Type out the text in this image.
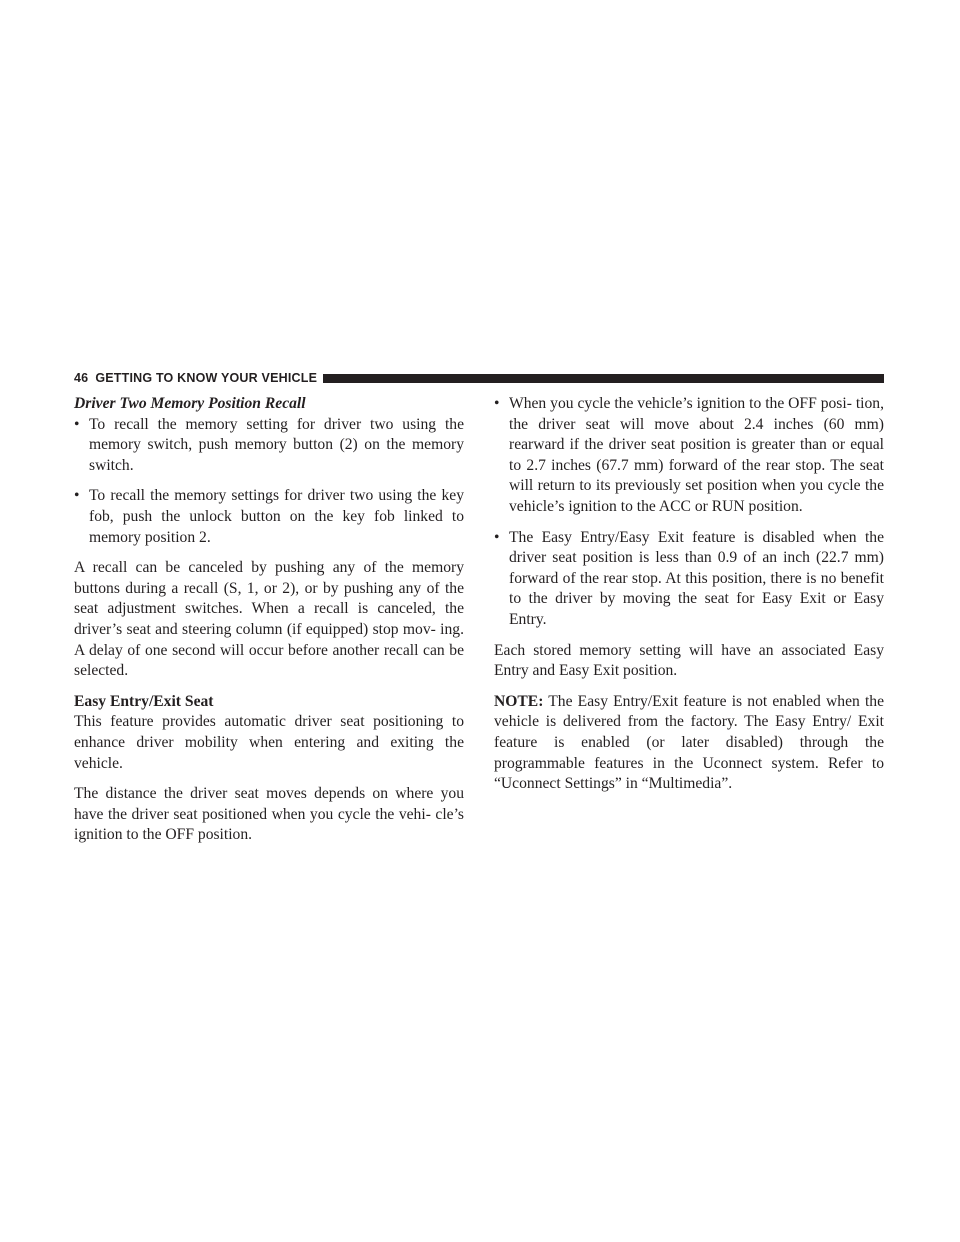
46 GETTING TO KNOW YOUR VEHICLE

Driver Two Memory Position Recall

• To recall the memory setting for driver two using the memory switch, push memory button (2) on the memory switch.
• To recall the memory settings for driver two using the key fob, push the unlock button on the key fob linked to memory position 2.

A recall can be canceled by pushing any of the memory buttons during a recall (S, 1, or 2), or by pushing any of the seat adjustment switches. When a recall is canceled, the driver’s seat and steering column (if equipped) stop mov- ing. A delay of one second will occur before another recall can be selected.

Easy Entry/Exit Seat

This feature provides automatic driver seat positioning to enhance driver mobility when entering and exiting the vehicle.

The distance the driver seat moves depends on where you have the driver seat positioned when you cycle the vehi- cle’s ignition to the OFF position.

• When you cycle the vehicle’s ignition to the OFF posi- tion, the driver seat will move about 2.4 inches (60 mm) rearward if the driver seat position is greater than or equal to 2.7 inches (67.7 mm) forward of the rear stop. The seat will return to its previously set position when you cycle the vehicle’s ignition to the ACC or RUN position.
• The Easy Entry/Easy Exit feature is disabled when the driver seat position is less than 0.9 of an inch (22.7 mm) forward of the rear stop. At this position, there is no benefit to the driver by moving the seat for Easy Exit or Easy Entry.

Each stored memory setting will have an associated Easy Entry and Easy Exit position.

NOTE: The Easy Entry/Exit feature is not enabled when the vehicle is delivered from the factory. The Easy Entry/ Exit feature is enabled (or later disabled) through the programmable features in the Uconnect system. Refer to “Uconnect Settings” in “Multimedia”.
